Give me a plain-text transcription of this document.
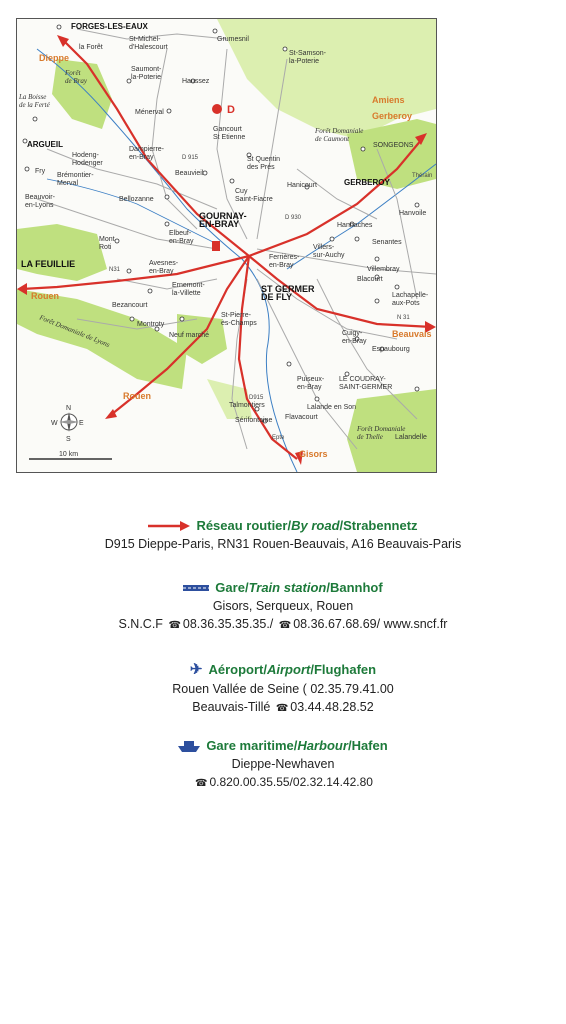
D
FORGES-LES-EAUX
Dieppe
la Forêt
St-Michel-d'Halescourt
Grumesnil
St-Samson-la-Poterie
Saumont-la-Poterie
Haussez
Forêt de Bray
La Boisse de la Ferté
Ménerval
Gancourt St Etienne
Amiens
Gerberoy
ARGUEIL
Hodeng-Hodenger
Dampierre-en-Bray	St Quentin des Prés
Forêt Domaniale de Caumont
SONGEONS
Fry
Brémontier-Merval
Beauvoir-en-Lyons
Beauvieil
Cuy Saint-Fiacre
Hanicourt	GERBEROY
Hanvoile
Bellozanne
GOURNAY-EN-BRAY
Elbeuf-en-Bray
Hannaches
Mont Roti	Villers-sur-Auchy
Senantes
LA FEUILLIE	Avesnes-en-Bray
Ferrières-en-Bray
Villembray
Rouen
ST GERMER DE FLY
Blacourt
Ernemont-la-Villette	Lachapelle-aux-Pots
Bezancourt
Beauvais
Montroty
Neuf marché
St-Pierre-ès-Champs
Cuigy-en-Bray
Espaubourg
Puiseux-en-Bray
LE COUDRAY-SAINT-GERMER
Rouen
Talmontiers	Lalande en Son
Flavacourt
Sérifontaine
Lalandelle
Forêt Domaniale de Thelle
Gisors
D 915
D 930
N31
N 31
D915
Epte
Thérain
Forêt Domaniale de Lyons
N
S
E
W
10 km
Réseau routier/By road/Strabennetz
D915 Dieppe-Paris, RN31 Rouen-Beauvais, A16 Beauvais-Paris
Gare/Train station/Bannhof
Gisors, Serqueux, Rouen
S.N.C.F ☎ 08.36.35.35.35./ ☎ 08.36.67.68.69/ www.sncf.fr
✈ Aéroport/Airport/Flughafen
Rouen Vallée de Seine ( 02.35.79.41.00
Beauvais-Tillé ☎ 03.44.48.28.52
Gare maritime/Harbour/Hafen
Dieppe-Newhaven
☎ 0.820.00.35.55/02.32.14.42.80
